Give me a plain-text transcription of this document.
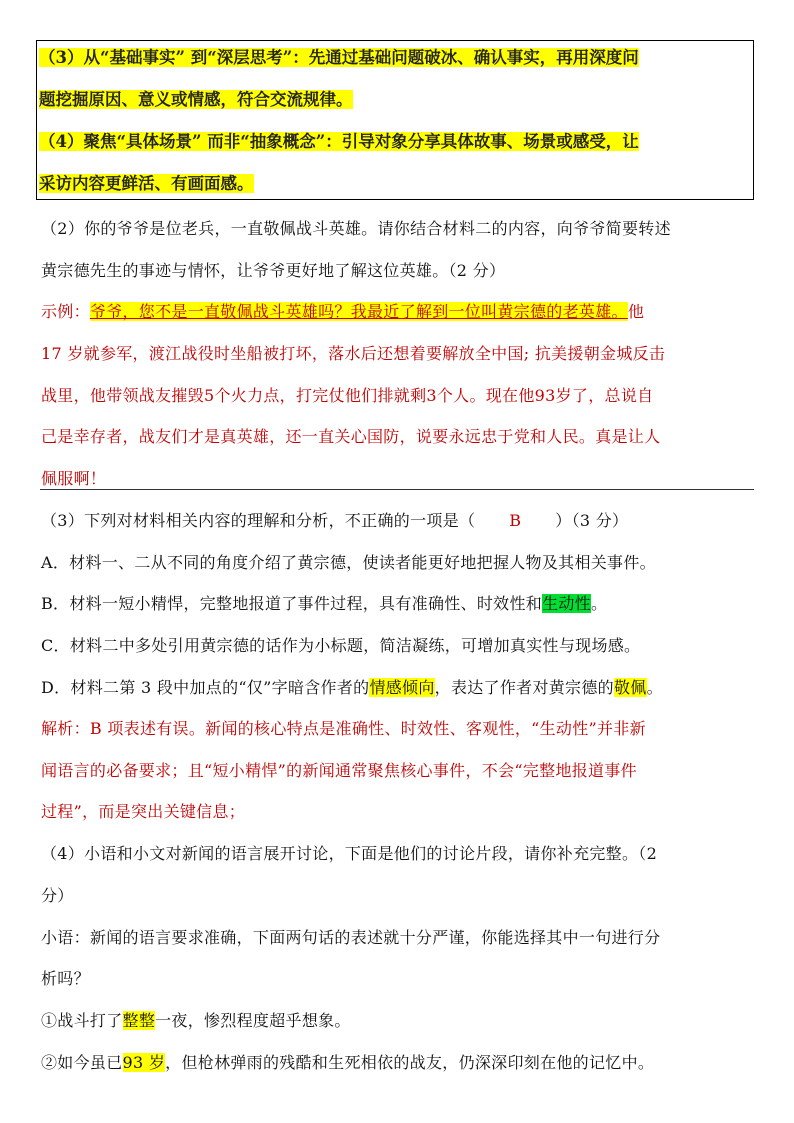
（3）从“基础事实” 到“深层思考”：先通过基础问题破冰、确认事实，再用深度问
题挖掘原因、意义或情感，符合交流规律。
（4）聚焦“具体场景” 而非“抽象概念”：引导对象分享具体故事、场景或感受，让
采访内容更鲜活、有画面感。
（2）你的爷爷是位老兵，一直敬佩战斗英雄。请你结合材料二的内容，向爷爷简要转述
黄宗德先生的事迹与情怀，让爷爷更好地了解这位英雄。（2 分）
示例：爷爷，您不是一直敬佩战斗英雄吗？我最近了解到一位叫黄宗德的老英雄。他
17 岁就参军，渡江战役时坐船被打坏，落水后还想着要解放全中国; 抗美援朝金城反击
战里，他带领战友摧毁5个火力点，打完仗他们排就剩3个人。现在他93岁了，总说自
己是幸存者，战友们才是真英雄，还一直关心国防，说要永远忠于党和人民。真是让人
佩服啊！
（3）下列对材料相关内容的理解和分析，不正确的一项是（ B ）（3 分）
A．材料一、二从不同的角度介绍了黄宗德，使读者能更好地把握人物及其相关事件。
B．材料一短小精悍，完整地报道了事件过程，具有准确性、时效性和生动性。
C．材料二中多处引用黄宗德的话作为小标题，简洁凝练，可增加真实性与现场感。
D．材料二第 3 段中加点的“仅”字暗含作者的情感倾向，表达了作者对黄宗德的敬佩。
解析：B 项表述有误。新闻的核心特点是准确性、时效性、客观性，“生动性”并非新
闻语言的必备要求；且“短小精悍”的新闻通常聚焦核心事件，不会“完整地报道事件
过程”，而是突出关键信息；
（4）小语和小文对新闻的语言展开讨论，下面是他们的讨论片段，请你补充完整。（2
分）
小语：新闻的语言要求准确，下面两句话的表述就十分严谨，你能选择其中一句进行分
析吗？
①战斗打了整整一夜，惨烈程度超乎想象。
②如今虽已93 岁，但枪林弹雨的残酷和生死相依的战友，仍深深印刻在他的记忆中。
